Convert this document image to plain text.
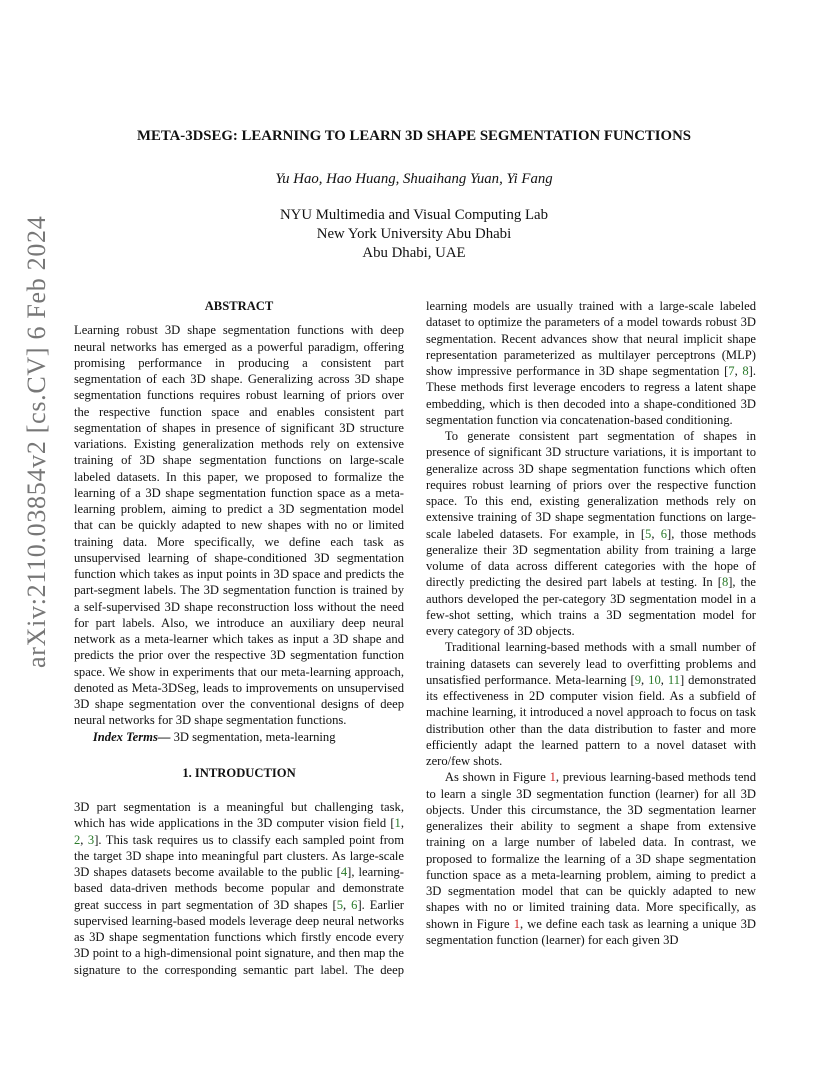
arXiv:2110.03854v2 [cs.CV] 6 Feb 2024
META-3DSEG: LEARNING TO LEARN 3D SHAPE SEGMENTATION FUNCTIONS
Yu Hao, Hao Huang, Shuaihang Yuan, Yi Fang
NYU Multimedia and Visual Computing Lab
New York University Abu Dhabi
Abu Dhabi, UAE
ABSTRACT

Learning robust 3D shape segmentation functions with deep neural networks has emerged as a powerful paradigm, offering promising performance in producing a consistent part segmentation of each 3D shape. Generalizing across 3D shape segmentation functions requires robust learning of priors over the respective function space and enables consistent part segmentation of shapes in presence of significant 3D structure variations. Existing generalization methods rely on extensive training of 3D shape segmentation functions on large-scale labeled datasets. In this paper, we proposed to formalize the learning of a 3D shape segmentation function space as a meta-learning problem, aiming to predict a 3D segmentation model that can be quickly adapted to new shapes with no or limited training data. More specifically, we define each task as unsupervised learning of shape-conditioned 3D segmentation function which takes as input points in 3D space and predicts the part-segment labels. The 3D segmentation function is trained by a self-supervised 3D shape reconstruction loss without the need for part labels. Also, we introduce an auxiliary deep neural network as a meta-learner which takes as input a 3D shape and predicts the prior over the respective 3D segmentation function space. We show in experiments that our meta-learning approach, denoted as Meta-3DSeg, leads to improvements on unsupervised 3D shape segmentation over the conventional designs of deep neural networks for 3D shape segmentation functions.

Index Terms— 3D segmentation, meta-learning

1. INTRODUCTION

3D part segmentation is a meaningful but challenging task, which has wide applications in the 3D computer vision field [1, 2, 3]. This task requires us to classify each sampled point from the target 3D shape into meaningful part clusters. As large-scale 3D shapes datasets become available to the public [4], learning-based data-driven methods become popular and demonstrate great success in part segmentation of 3D shapes [5, 6]. Earlier supervised learning-based models leverage deep neural networks as 3D shape segmentation functions which firstly encode every 3D point to a high-dimensional point signature, and then map the signature to the corresponding semantic part label. The deep

learning models are usually trained with a large-scale labeled dataset to optimize the parameters of a model towards robust 3D segmentation. Recent advances show that neural implicit shape representation parameterized as multilayer perceptrons (MLP) show impressive performance in 3D shape segmentation [7, 8]. These methods first leverage encoders to regress a latent shape embedding, which is then decoded into a shape-conditioned 3D segmentation function via concatenation-based conditioning.

To generate consistent part segmentation of shapes in presence of significant 3D structure variations, it is important to generalize across 3D shape segmentation functions which often requires robust learning of priors over the respective function space. To this end, existing generalization methods rely on extensive training of 3D shape segmentation functions on large-scale labeled datasets. For example, in [5, 6], those methods generalize their 3D segmentation ability from training a large volume of data across different categories with the hope of directly predicting the desired part labels at testing. In [8], the authors developed the per-category 3D segmentation model in a few-shot setting, which trains a 3D segmentation model for every category of 3D objects.

Traditional learning-based methods with a small number of training datasets can severely lead to overfitting problems and unsatisfied performance. Meta-learning [9, 10, 11] demonstrated its effectiveness in 2D computer vision field. As a subfield of machine learning, it introduced a novel approach to focus on task distribution other than the data distribution to faster and more efficiently adapt the learned pattern to a novel dataset with zero/few shots.

As shown in Figure 1, previous learning-based methods tend to learn a single 3D segmentation function (learner) for all 3D objects. Under this circumstance, the 3D segmentation learner generalizes their ability to segment a shape from extensive training on a large number of labeled data. In contrast, we proposed to formalize the learning of a 3D shape segmentation function space as a meta-learning problem, aiming to predict a 3D segmentation model that can be quickly adapted to new shapes with no or limited training data. More specifically, as shown in Figure 1, we define each task as learning a unique 3D segmentation function (learner) for each given 3D
